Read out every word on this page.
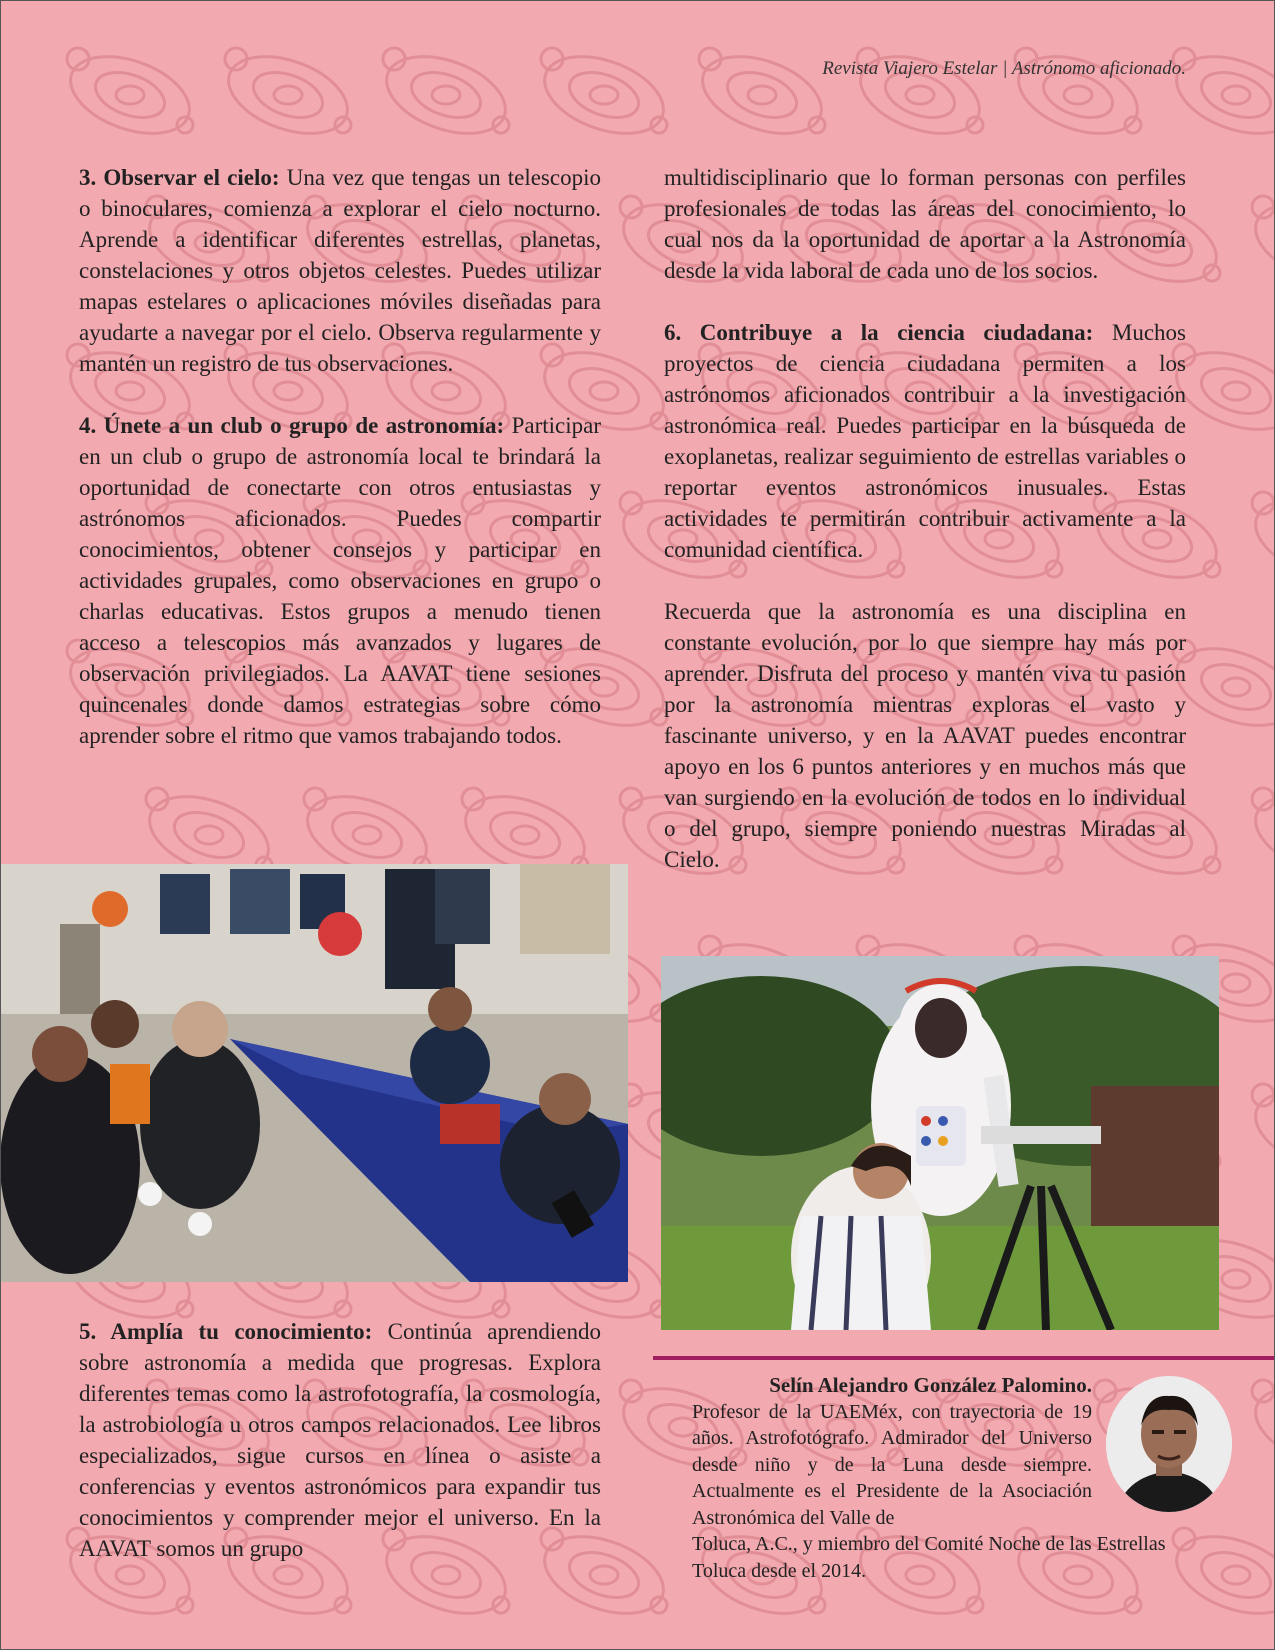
Revista Viajero Estelar | Astrónomo aficionado.

3. Observar el cielo: Una vez que tengas un telescopio o binoculares, comienza a explorar el cielo nocturno. Aprende a identificar diferentes estrellas, planetas, constelaciones y otros objetos celestes. Puedes utilizar mapas estelares o aplicaciones móviles diseñadas para ayudarte a navegar por el cielo. Observa regularmente y mantén un registro de tus observaciones.

4. Únete a un club o grupo de astronomía: Participar en un club o grupo de astronomía local te brindará la oportunidad de conectarte con otros entusiastas y astrónomos aficionados. Puedes compartir conocimientos, obtener consejos y participar en actividades grupales, como observaciones en grupo o charlas educativas. Estos grupos a menudo tienen acceso a telescopios más avanzados y lugares de observación privilegiados. La AAVAT tiene sesiones quincenales donde damos estrategias sobre cómo aprender sobre el ritmo que vamos trabajando todos.

5. Amplía tu conocimiento: Continúa aprendiendo sobre astronomía a medida que progresas. Explora diferentes temas como la astrofotografía, la cosmología, la astrobiología u otros campos relacionados. Lee libros especializados, sigue cursos en línea o asiste a conferencias y eventos astronómicos para expandir tus conocimientos y comprender mejor el universo. En la AAVAT somos un grupo

multidisciplinario que lo forman personas con perfiles profesionales de todas las áreas del conocimiento, lo cual nos da la oportunidad de aportar a la Astronomía desde la vida laboral de cada uno de los socios.

6. Contribuye a la ciencia ciudadana: Muchos proyectos de ciencia ciudadana permiten a los astrónomos aficionados contribuir a la investigación astronómica real. Puedes participar en la búsqueda de exoplanetas, realizar seguimiento de estrellas variables o reportar eventos astronómicos inusuales. Estas actividades te permitirán contribuir activamente a la comunidad científica.

Recuerda que la astronomía es una disciplina en constante evolución, por lo que siempre hay más por aprender. Disfruta del proceso y mantén viva tu pasión por la astronomía mientras exploras el vasto y fascinante universo, y en la AAVAT puedes encontrar apoyo en los 6 puntos anteriores y en muchos más que van surgiendo en la evolución de todos en lo individual o del grupo, siempre poniendo nuestras Miradas al Cielo.

Selín Alejandro González Palomino.
Profesor de la UAEMéx, con trayectoria de 19 años. Astrofotógrafo. Admirador del Universo desde niño y de la Luna desde siempre. Actualmente es el Presidente de la Asociación Astronómica del Valle de
Toluca, A.C., y miembro del Comité Noche de las Estrellas
Toluca desde el 2014.
